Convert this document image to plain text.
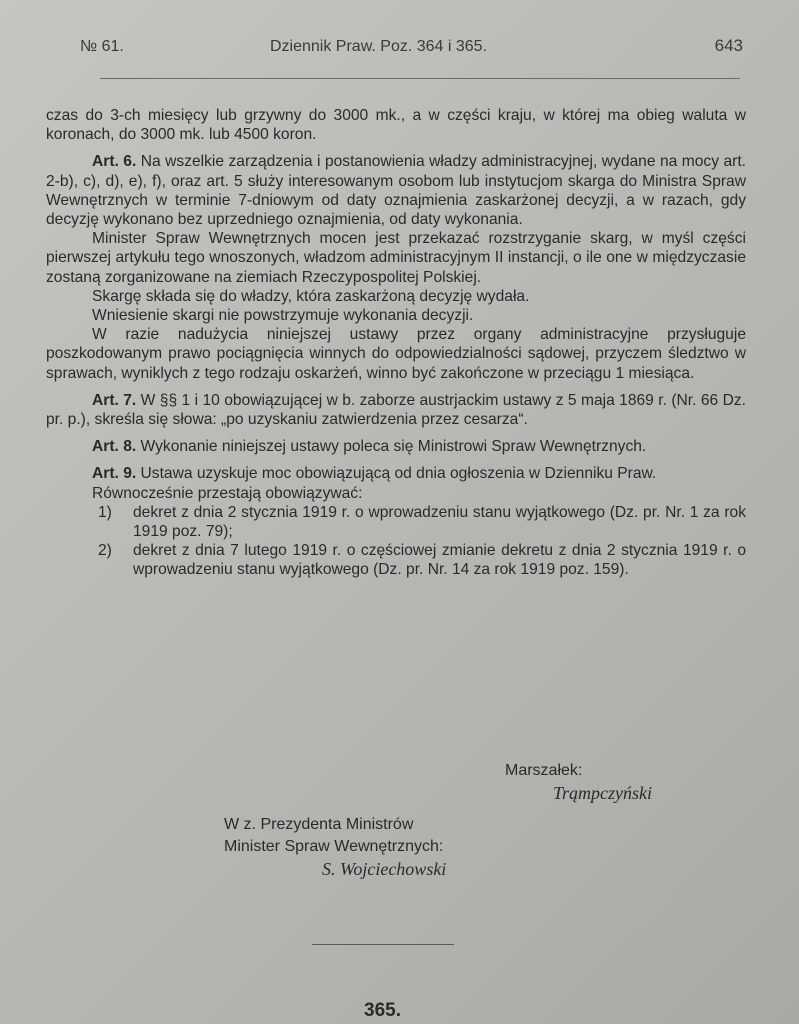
№ 61.	Dziennik Praw. Poz. 364 i 365.	643

czas do 3-ch miesięcy lub grzywny do 3000 mk., a w części kraju, w której ma obieg waluta w koronach, do 3000 mk. lub 4500 koron.

Art. 6. Na wszelkie zarządzenia i postanowienia władzy administracyjnej, wydane na mocy art. 2-b), c), d), e), f), oraz art. 5 służy interesowanym osobom lub instytucjom skarga do Ministra Spraw Wewnętrznych w terminie 7-dniowym od daty oznajmienia zaskarżonej decyzji, a w razach, gdy decyzję wykonano bez uprzedniego oznajmienia, od daty wykonania.

Minister Spraw Wewnętrznych mocen jest przekazać rozstrzyganie skarg, w myśl części pierwszej artykułu tego wnoszonych, władzom administracyjnym II instancji, o ile one w międzyczasie zostaną zorganizowane na ziemiach Rzeczypospolitej Polskiej.

Skargę składa się do władzy, która zaskarżoną decyzję wydała.

Wniesienie skargi nie powstrzymuje wykonania decyzji.

W razie nadużycia niniejszej ustawy przez organy administracyjne przysługuje poszkodowanym prawo pociągnięcia winnych do odpowiedzialności sądowej, przyczem śledztwo w sprawach, wyniklych z tego rodzaju oskarżeń, winno być zakończone w przeciągu 1 miesiąca.

Art. 7. W §§ 1 i 10 obowiązującej w b. zaborze austrjackim ustawy z 5 maja 1869 r. (Nr. 66 Dz. pr. p.), skreśla się słowa: „po uzyskaniu zatwierdzenia przez cesarza“.

Art. 8. Wykonanie niniejszej ustawy poleca się Ministrowi Spraw Wewnętrznych.

Art. 9. Ustawa uzyskuje moc obowiązującą od dnia ogłoszenia w Dzienniku Praw.

Równocześnie przestają obowiązywać:

1) dekret z dnia 2 stycznia 1919 r. o wprowadzeniu stanu wyjątkowego (Dz. pr. Nr. 1 za rok 1919 poz. 79);
2) dekret z dnia 7 lutego 1919 r. o częściowej zmianie dekretu z dnia 2 stycznia 1919 r. o wprowadzeniu stanu wyjątkowego (Dz. pr. Nr. 14 za rok 1919 poz. 159).
Marszałek:
Trąmpczyński
W z. Prezydenta Ministrów
Minister Spraw Wewnętrznych:
S. Wojciechowski
365.
